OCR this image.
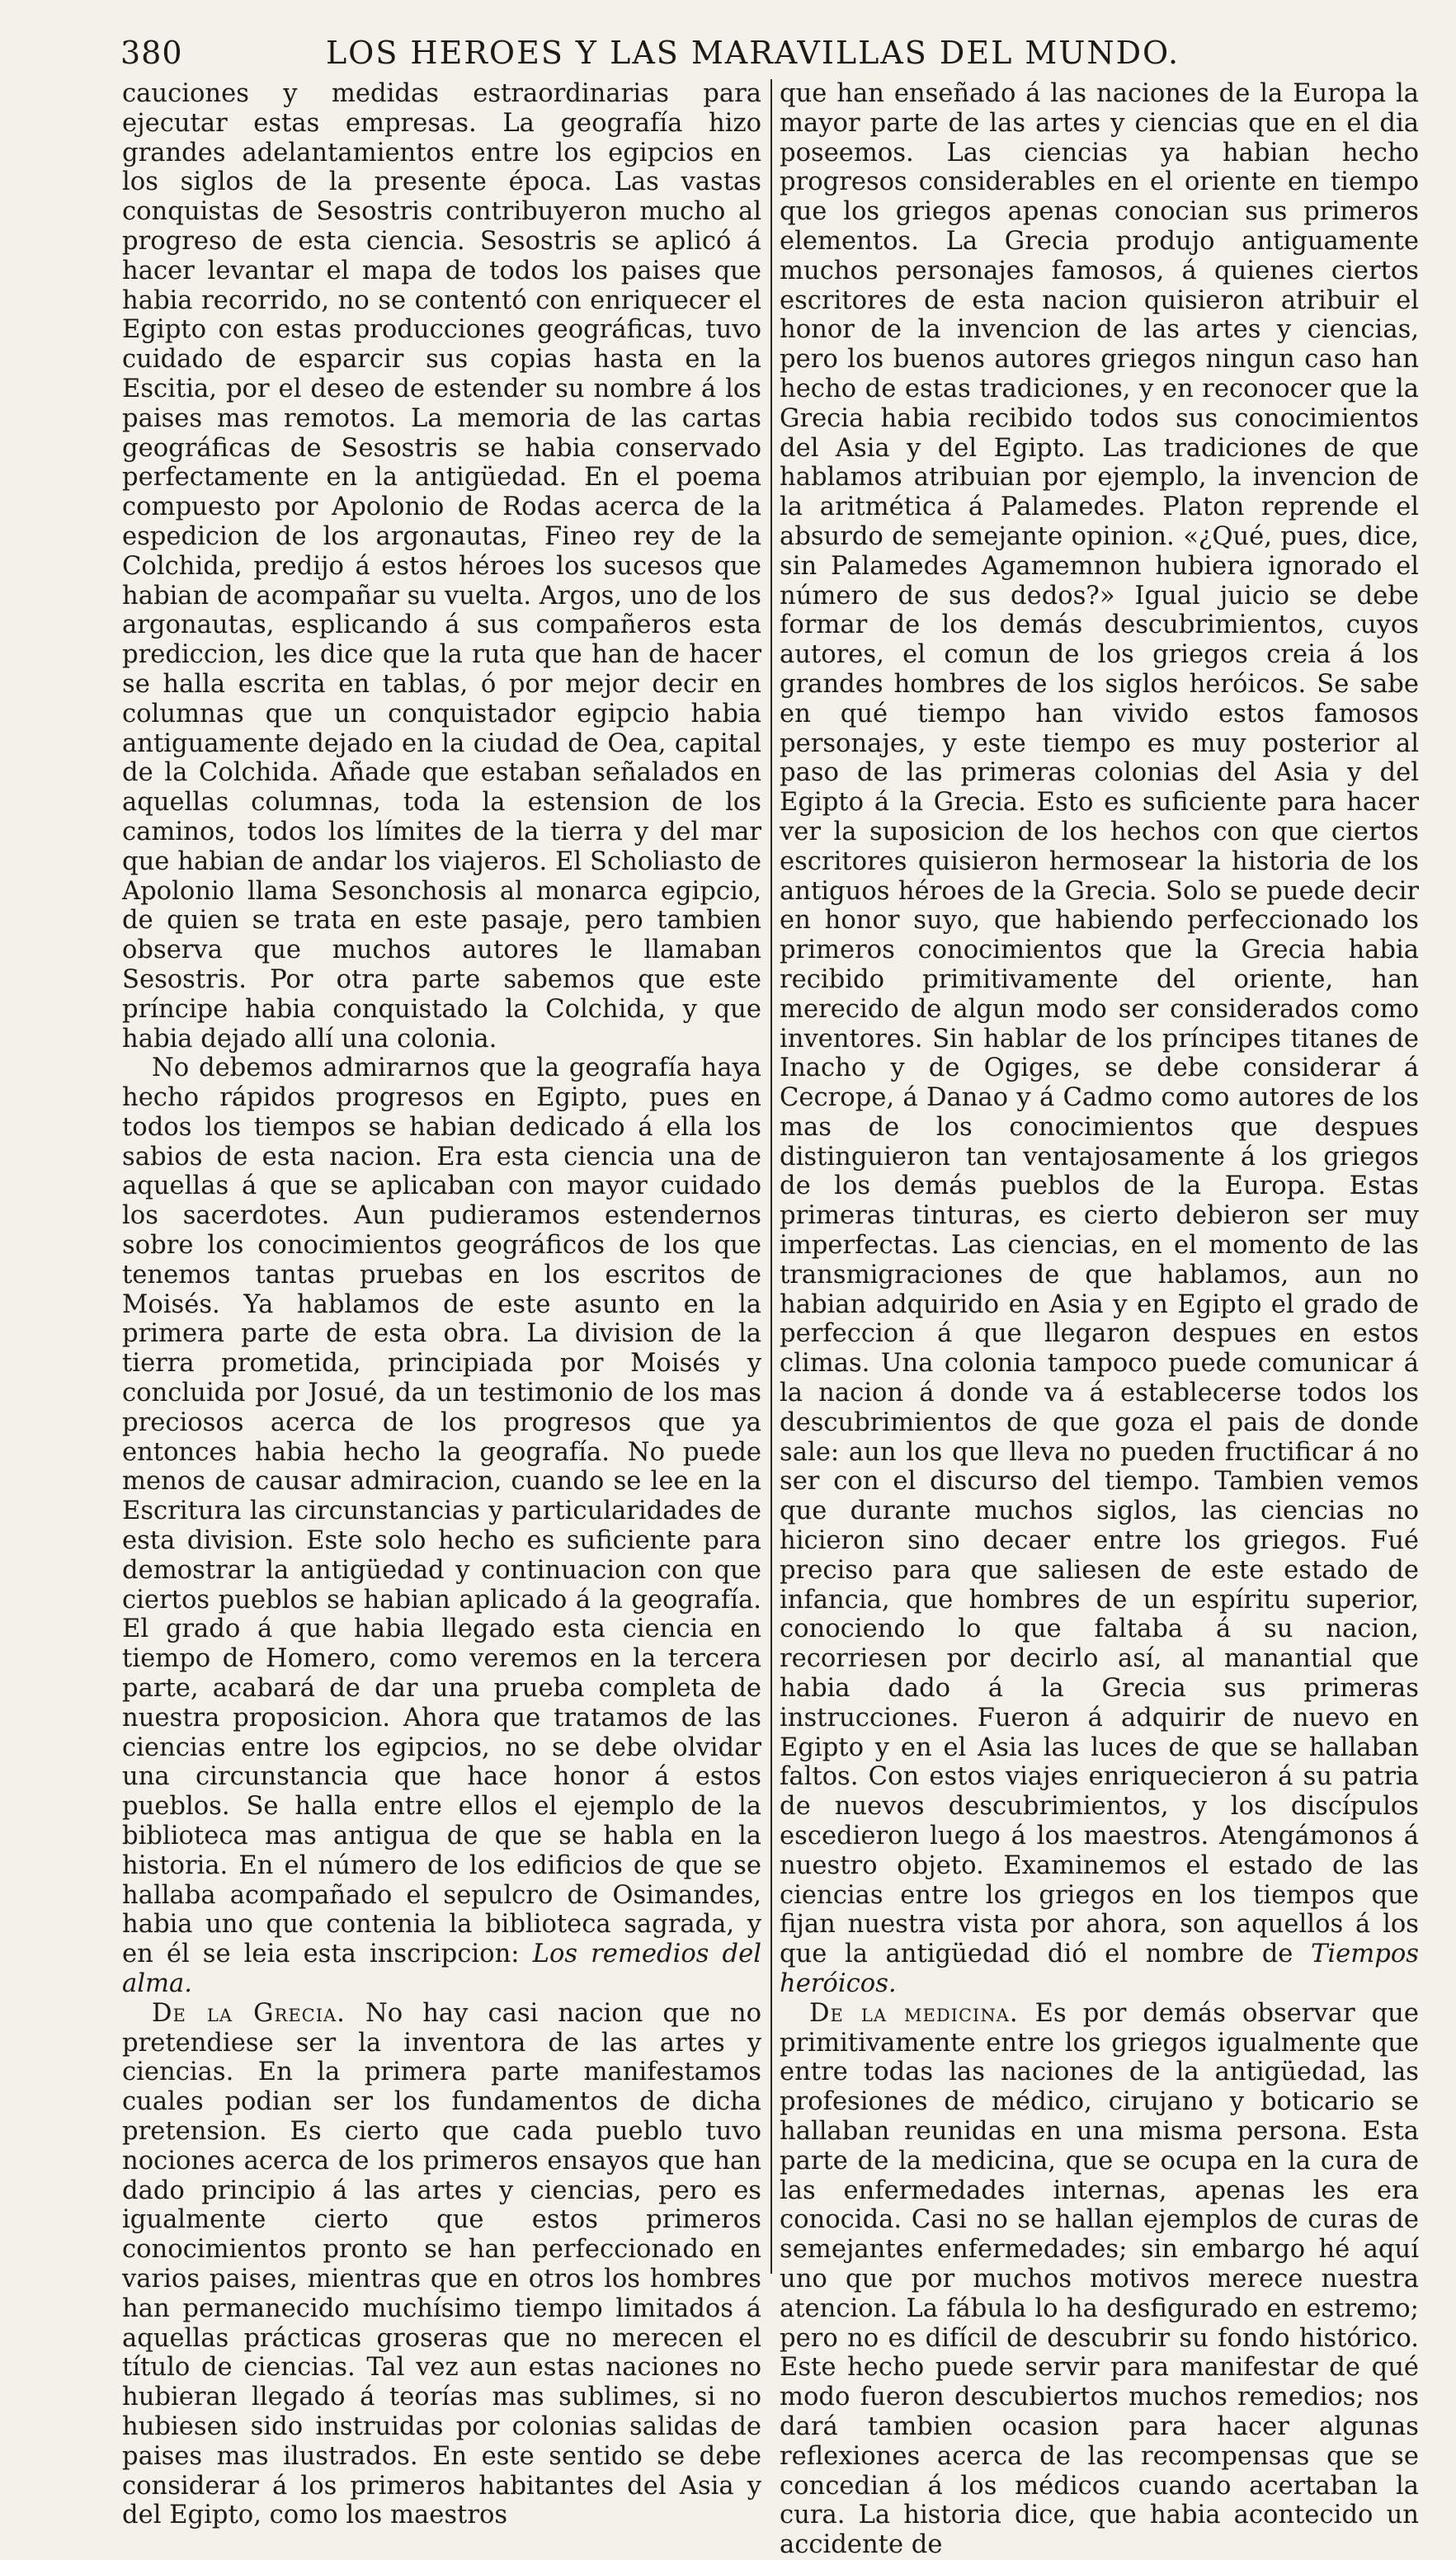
380	LOS HEROES Y LAS MARAVILLAS DEL MUNDO.

cauciones y medidas estraordinarias para ejecutar estas empresas. La geografía hizo grandes adelantamientos entre los egipcios en los siglos de la presente época. Las vastas conquistas de Sesostris contribuyeron mucho al progreso de esta ciencia. Sesostris se aplicó á hacer levantar el mapa de todos los paises que habia recorrido, no se contentó con enriquecer el Egipto con estas producciones geográficas, tuvo cuidado de esparcir sus copias hasta en la Escitia, por el deseo de estender su nombre á los paises mas remotos. La memoria de las cartas geográficas de Sesostris se habia conservado perfectamente en la antigüedad. En el poema compuesto por Apolonio de Rodas acerca de la espedicion de los argonautas, Fineo rey de la Colchida, predijo á estos héroes los sucesos que habian de acompañar su vuelta. Argos, uno de los argonautas, esplicando á sus compañeros esta prediccion, les dice que la ruta que han de hacer se halla escrita en tablas, ó por mejor decir en columnas que un conquistador egipcio habia antiguamente dejado en la ciudad de Oea, capital de la Colchida. Añade que estaban señalados en aquellas columnas, toda la estension de los caminos, todos los límites de la tierra y del mar que habian de andar los viajeros. El Scholiasto de Apolonio llama Sesonchosis al monarca egipcio, de quien se trata en este pasaje, pero tambien observa que muchos autores le llamaban Sesostris. Por otra parte sabemos que este príncipe habia conquistado la Colchida, y que habia dejado allí una colonia.

No debemos admirarnos que la geografía haya hecho rápidos progresos en Egipto, pues en todos los tiempos se habian dedicado á ella los sabios de esta nacion. Era esta ciencia una de aquellas á que se aplicaban con mayor cuidado los sacerdotes. Aun pudieramos estendernos sobre los conocimientos geográficos de los que tenemos tantas pruebas en los escritos de Moisés. Ya hablamos de este asunto en la primera parte de esta obra. La division de la tierra prometida, principiada por Moisés y concluida por Josué, da un testimonio de los mas preciosos acerca de los progresos que ya entonces habia hecho la geografía. No puede menos de causar admiracion, cuando se lee en la Escritura las circunstancias y particularidades de esta division. Este solo hecho es suficiente para demostrar la antigüedad y continuacion con que ciertos pueblos se habian aplicado á la geografía. El grado á que habia llegado esta ciencia en tiempo de Homero, como veremos en la tercera parte, acabará de dar una prueba completa de nuestra proposicion. Ahora que tratamos de las ciencias entre los egipcios, no se debe olvidar una circunstancia que hace honor á estos pueblos. Se halla entre ellos el ejemplo de la biblioteca mas antigua de que se habla en la historia. En el número de los edificios de que se hallaba acompañado el sepulcro de Osimandes, habia uno que contenia la biblioteca sagrada, y en él se leia esta inscripcion: Los remedios del alma.

De la Grecia. No hay casi nacion que no pretendiese ser la inventora de las artes y ciencias. En la primera parte manifestamos cuales podian ser los fundamentos de dicha pretension. Es cierto que cada pueblo tuvo nociones acerca de los primeros ensayos que han dado principio á las artes y ciencias, pero es igualmente cierto que estos primeros conocimientos pronto se han perfeccionado en varios paises, mientras que en otros los hombres han permanecido muchísimo tiempo limitados á aquellas prácticas groseras que no merecen el título de ciencias. Tal vez aun estas naciones no hubieran llegado á teorías mas sublimes, si no hubiesen sido instruidas por colonias salidas de paises mas ilustrados. En este sentido se debe considerar á los primeros habitantes del Asia y del Egipto, como los maestros

que han enseñado á las naciones de la Europa la mayor parte de las artes y ciencias que en el dia poseemos. Las ciencias ya habian hecho progresos considerables en el oriente en tiempo que los griegos apenas conocian sus primeros elementos. La Grecia produjo antiguamente muchos personajes famosos, á quienes ciertos escritores de esta nacion quisieron atribuir el honor de la invencion de las artes y ciencias, pero los buenos autores griegos ningun caso han hecho de estas tradiciones, y en reconocer que la Grecia habia recibido todos sus conocimientos del Asia y del Egipto. Las tradiciones de que hablamos atribuian por ejemplo, la invencion de la aritmética á Palamedes. Platon reprende el absurdo de semejante opinion. «¿Qué, pues, dice, sin Palamedes Agamemnon hubiera ignorado el número de sus dedos?» Igual juicio se debe formar de los demás descubrimientos, cuyos autores, el comun de los griegos creia á los grandes hombres de los siglos heróicos. Se sabe en qué tiempo han vivido estos famosos personajes, y este tiempo es muy posterior al paso de las primeras colonias del Asia y del Egipto á la Grecia. Esto es suficiente para hacer ver la suposicion de los hechos con que ciertos escritores quisieron hermosear la historia de los antiguos héroes de la Grecia. Solo se puede decir en honor suyo, que habiendo perfeccionado los primeros conocimientos que la Grecia habia recibido primitivamente del oriente, han merecido de algun modo ser considerados como inventores. Sin hablar de los príncipes titanes de Inacho y de Ogiges, se debe considerar á Cecrope, á Danao y á Cadmo como autores de los mas de los conocimientos que despues distinguieron tan ventajosamente á los griegos de los demás pueblos de la Europa. Estas primeras tinturas, es cierto debieron ser muy imperfectas. Las ciencias, en el momento de las transmigraciones de que hablamos, aun no habian adquirido en Asia y en Egipto el grado de perfeccion á que llegaron despues en estos climas. Una colonia tampoco puede comunicar á la nacion á donde va á establecerse todos los descubrimientos de que goza el pais de donde sale: aun los que lleva no pueden fructificar á no ser con el discurso del tiempo. Tambien vemos que durante muchos siglos, las ciencias no hicieron sino decaer entre los griegos. Fué preciso para que saliesen de este estado de infancia, que hombres de un espíritu superior, conociendo lo que faltaba á su nacion, recorriesen por decirlo así, al manantial que habia dado á la Grecia sus primeras instrucciones. Fueron á adquirir de nuevo en Egipto y en el Asia las luces de que se hallaban faltos. Con estos viajes enriquecieron á su patria de nuevos descubrimientos, y los discípulos escedieron luego á los maestros. Atengámonos á nuestro objeto. Examinemos el estado de las ciencias entre los griegos en los tiempos que fijan nuestra vista por ahora, son aquellos á los que la antigüedad dió el nombre de Tiempos heróicos.

De la medicina. Es por demás observar que primitivamente entre los griegos igualmente que entre todas las naciones de la antigüedad, las profesiones de médico, cirujano y boticario se hallaban reunidas en una misma persona. Esta parte de la medicina, que se ocupa en la cura de las enfermedades internas, apenas les era conocida. Casi no se hallan ejemplos de curas de semejantes enfermedades; sin embargo hé aquí uno que por muchos motivos merece nuestra atencion. La fábula lo ha desfigurado en estremo; pero no es difícil de descubrir su fondo histórico. Este hecho puede servir para manifestar de qué modo fueron descubiertos muchos remedios; nos dará tambien ocasion para hacer algunas reflexiones acerca de las recompensas que se concedian á los médicos cuando acertaban la cura. La historia dice, que habia acontecido un accidente de
